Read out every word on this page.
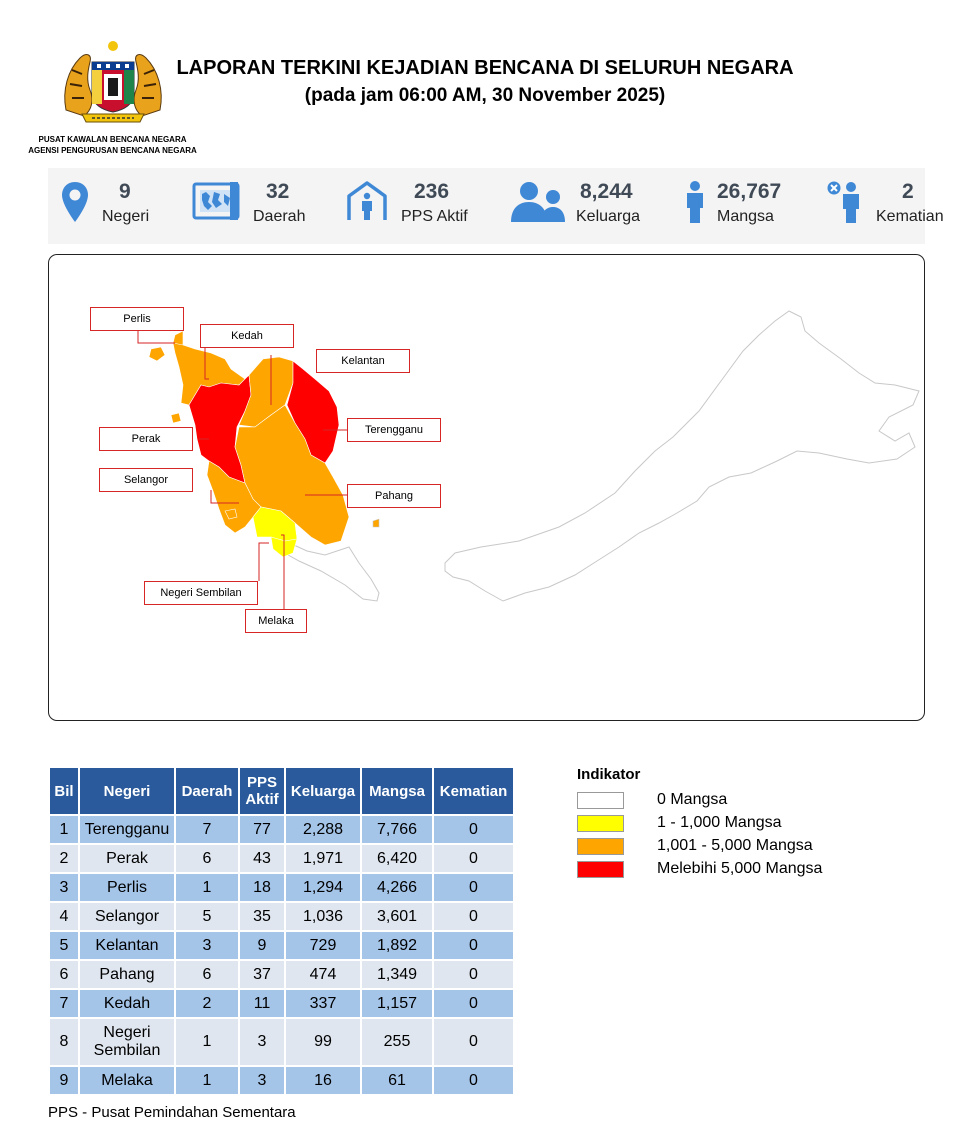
PUSAT KAWALAN BENCANA NEGARA
AGENSI PENGURUSAN BENCANA NEGARA
LAPORAN TERKINI KEJADIAN BENCANA DI SELURUH NEGARA
(pada jam 06:00 AM, 30 November 2025)
9
Negeri
32
Daerah
236
PPS Aktif
8,244
Keluarga
26,767
Mangsa
2
Kematian
Perlis
Kedah
Kelantan
Terengganu
Perak
Selangor
Pahang
Negeri Sembilan
Melaka
Bil	Negeri	Daerah	PPS Aktif	Keluarga	Mangsa	Kematian
1	Terengganu	7	77	2,288	7,766	0
2	Perak	6	43	1,971	6,420	0
3	Perlis	1	18	1,294	4,266	0
4	Selangor	5	35	1,036	3,601	0
5	Kelantan	3	9	729	1,892	0
6	Pahang	6	37	474	1,349	0
7	Kedah	2	11	337	1,157	0
8	Negeri Sembilan	1	3	99	255	0
9	Melaka	1	3	16	61	0
Indikator
0 Mangsa
1 - 1,000 Mangsa
1,001 - 5,000 Mangsa
Melebihi 5,000 Mangsa
PPS - Pusat Pemindahan Sementara
